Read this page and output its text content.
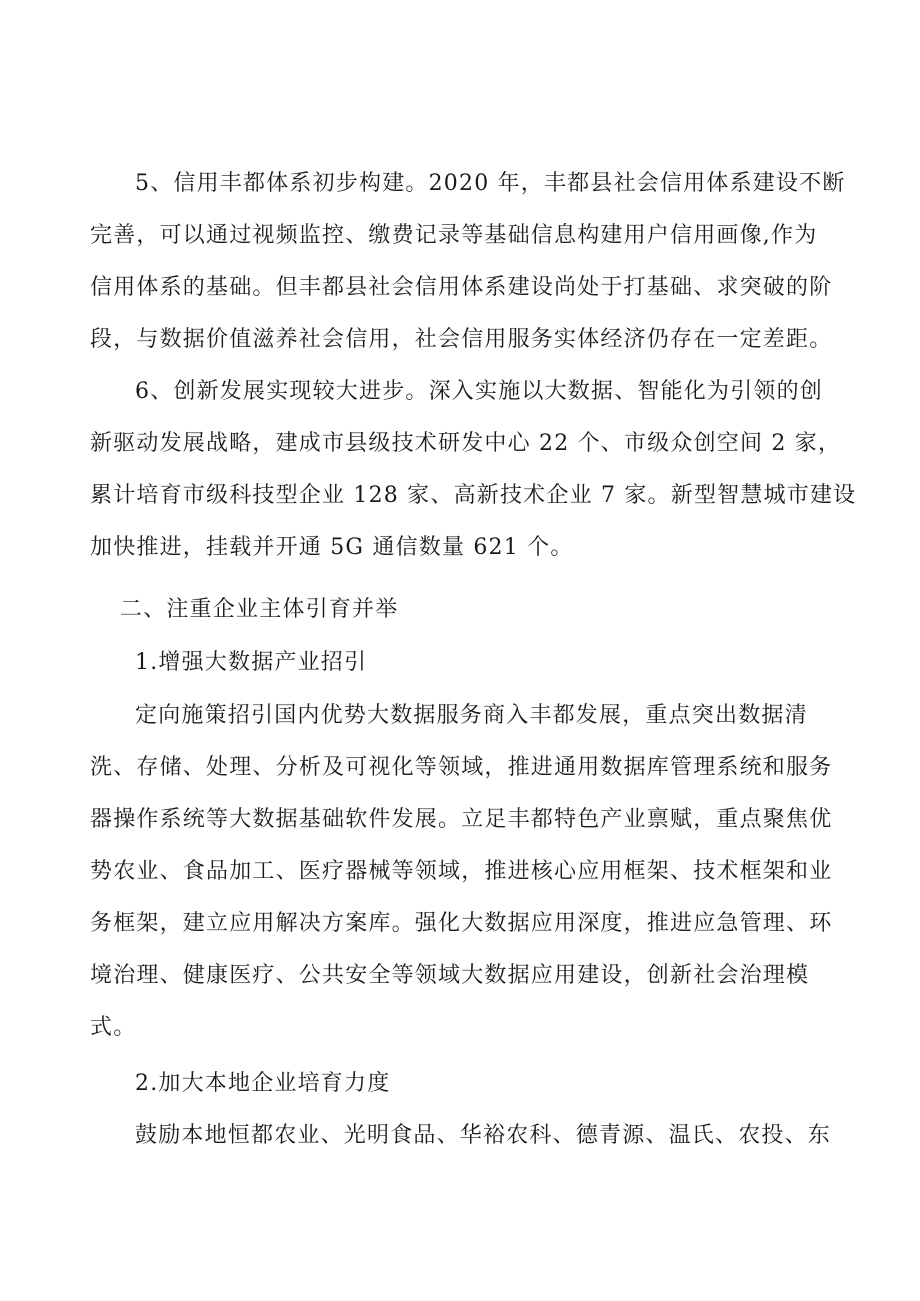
5、信用丰都体系初步构建。2020 年，丰都县社会信用体系建设不断
完善，可以通过视频监控、缴费记录等基础信息构建用户信用画像,作为
信用体系的基础。但丰都县社会信用体系建设尚处于打基础、求突破的阶
段，与数据价值滋养社会信用，社会信用服务实体经济仍存在一定差距。
6、创新发展实现较大进步。深入实施以大数据、智能化为引领的创
新驱动发展战略，建成市县级技术研发中心 22 个、市级众创空间 2 家，
累计培育市级科技型企业 128 家、高新技术企业 7 家。新型智慧城市建设
加快推进，挂载并开通 5G 通信数量 621 个。
二、注重企业主体引育并举
1.增强大数据产业招引
定向施策招引国内优势大数据服务商入丰都发展，重点突出数据清
洗、存储、处理、分析及可视化等领域，推进通用数据库管理系统和服务
器操作系统等大数据基础软件发展。立足丰都特色产业禀赋，重点聚焦优
势农业、食品加工、医疗器械等领域，推进核心应用框架、技术框架和业
务框架，建立应用解决方案库。强化大数据应用深度，推进应急管理、环
境治理、健康医疗、公共安全等领域大数据应用建设，创新社会治理模
式。
2.加大本地企业培育力度
鼓励本地恒都农业、光明食品、华裕农科、德青源、温氏、农投、东
